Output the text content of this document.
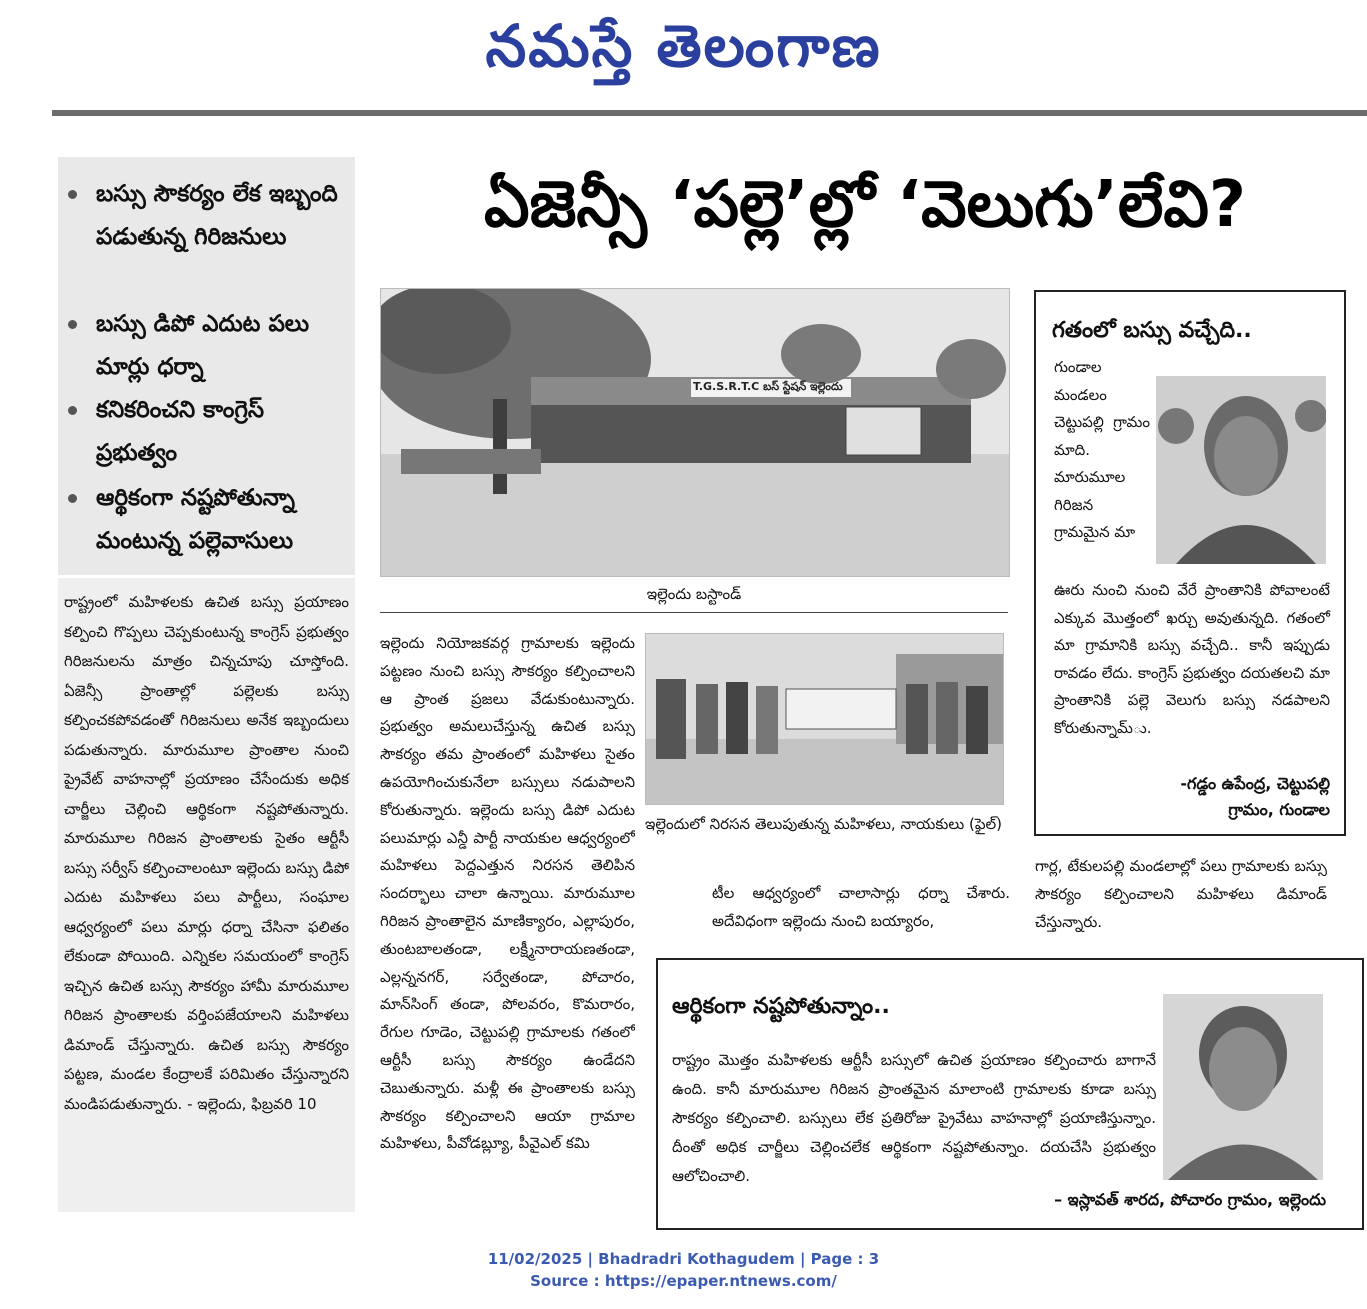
నమస్తే తెలంగాణ
బస్సు సౌకర్యం లేక ఇబ్బంది పడుతున్న గిరిజనులు
బస్సు డిపో ఎదుట పలు మార్లు ధర్నా
కనికరించని కాంగ్రెస్ ప్రభుత్వం
ఆర్థికంగా నష్టపోతున్నా మంటున్న పల్లెవాసులు

రాష్ట్రంలో మహిళలకు ఉచిత బస్సు ప్రయాణం కల్పించి గొప్పలు చెప్పకుంటున్న కాంగ్రెస్ ప్రభుత్వం గిరిజనులను మాత్రం చిన్నచూపు చూస్తోంది. ఏజెన్సీ ప్రాంతాల్లో పల్లెలకు బస్సు కల్పించకపోవడంతో గిరిజనులు అనేక ఇబ్బందులు పడుతున్నారు. మారుమూల ప్రాంతాల నుంచి ప్రైవేట్ వాహనాల్లో ప్రయాణం చేసేందుకు అధిక చార్జీలు చెల్లించి ఆర్థికంగా నష్టపోతున్నారు. మారుమూల గిరిజన ప్రాంతాలకు సైతం ఆర్టీసీ బస్సు సర్వీస్ కల్పించాలంటూ ఇల్లెందు బస్సు డిపో ఎదుట మహిళలు పలు పార్టీలు, సంఘాల ఆధ్వర్యంలో పలు మార్లు ధర్నా చేసినా ఫలితం లేకుండా పోయింది. ఎన్నికల సమయంలో కాంగ్రెస్ ఇచ్చిన ఉచిత బస్సు సౌకర్యం హామీ మారుమూల గిరిజన ప్రాంతాలకు వర్తింపజేయాలని మహిళలు డిమాండ్ చేస్తున్నారు. ఉచిత బస్సు సౌకర్యం పట్టణ, మండల కేంద్రాలకే పరిమితం చేస్తున్నారని మండిపడుతున్నారు. - ఇల్లెందు, ఫిబ్రవరి 10

ఏజెన్సీ ‘పల్లె’ల్లో ‘వెలుగు’లేవి?
T.G.S.R.T.C బస్ స్టేషన్ ఇల్లెందు
ఇల్లెందు బస్టాండ్
ఇల్లెందు నియోజకవర్గ గ్రామాలకు ఇల్లెందు పట్టణం నుంచి బస్సు సౌకర్యం కల్పించాలని ఆ ప్రాంత ప్రజలు వేడుకుంటున్నారు. ప్రభుత్వం అమలుచేస్తున్న ఉచిత బస్సు సౌకర్యం తమ ప్రాంతంలో మహిళలు సైతం ఉపయోగించుకునేలా బస్సులు నడుపాలని కోరుతున్నారు. ఇల్లెందు బస్సు డిపో ఎదుట పలుమార్లు ఎన్డీ పార్టీ నాయకుల ఆధ్వర్యంలో మహిళలు పెద్దఎత్తున నిరసన తెలిపిన సందర్భాలు చాలా ఉన్నాయి. మారుమూల గిరిజన ప్రాంతాలైన మాణిక్యారం, ఎల్లాపురం, తుంటబాలతండా, లక్ష్మీనారాయణతండా, ఎల్లన్ననగర్, సర్వేతండా, పోచారం, మాన్‌సింగ్ తండా, పోలవరం, కొమరారం, రేగుల గూడెం, చెట్టుపల్లి గ్రామాలకు గతంలో ఆర్టీసీ బస్సు సౌకర్యం ఉండేదని చెబుతున్నారు. మళ్లీ ఈ ప్రాంతాలకు బస్సు సౌకర్యం కల్పించాలని ఆయా గ్రామాల మహిళలు, పీవోడబ్ల్యూ, పీవైఎల్ కమి
ఇల్లెందులో నిరసన తెలుపుతున్న మహిళలు, నాయకులు (ఫైల్)
టీల ఆధ్వర్యంలో చాలాసార్లు ధర్నా చేశారు. అదేవిధంగా ఇల్లెందు నుంచి బయ్యారం,
గార్ల, టేకులపల్లి మండలాల్లో పలు గ్రామాలకు బస్సు సౌకర్యం కల్పించాలని మహిళలు డిమాండ్ చేస్తున్నారు.
గతంలో బస్సు వచ్చేది..
గుండాల మండలం చెట్టుపల్లి గ్రామం మాది. మారుమూల గిరిజన గ్రామమైన మా
ఊరు నుంచి నుంచి వేరే ప్రాంతానికి పోవాలంటే ఎక్కువ మొత్తంలో ఖర్చు అవుతున్నది. గతంలో మా గ్రామానికి బస్సు వచ్చేది.. కానీ ఇప్పుడు రావడం లేదు. కాంగ్రెస్ ప్రభుత్వం దయతలచి మా ప్రాంతానికి పల్లె వెలుగు బస్సు నడపాలని కోరుతున్నామ్ు.
-గడ్డం ఉపేంద్ర, చెట్టుపల్లి
గ్రామం, గుండాల
ఆర్థికంగా నష్టపోతున్నాం..
రాష్ట్రం మొత్తం మహిళలకు ఆర్టీసీ బస్సులో ఉచిత ప్రయాణం కల్పించారు బాగానే ఉంది. కానీ మారుమూల గిరిజన ప్రాంతమైన మాలాంటి గ్రామాలకు కూడా బస్సు సౌకర్యం కల్పించాలి. బస్సులు లేక ప్రతిరోజు ప్రైవేటు వాహనాల్లో ప్రయాణిస్తున్నాం. దీంతో అధిక చార్జీలు చెల్లించలేక ఆర్థికంగా నష్టపోతున్నాం. దయచేసి ప్రభుత్వం ఆలోచించాలి.
– ఇస్లావత్ శారద, పోచారం గ్రామం, ఇల్లెందు
11/02/2025 | Bhadradri Kothagudem | Page : 3
Source : https://epaper.ntnews.com/
